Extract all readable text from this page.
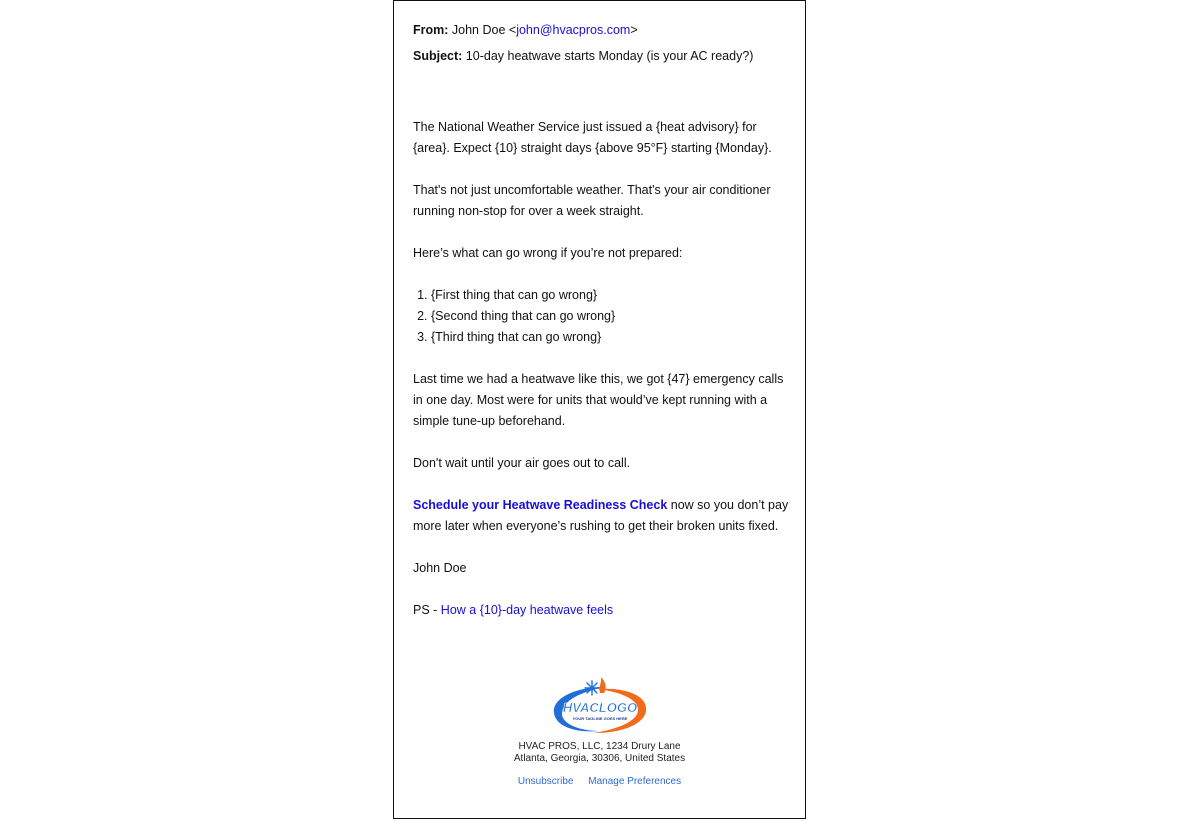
From: John Doe <john@hvacpros.com>
Subject: 10-day heatwave starts Monday (is your AC ready?)

The National Weather Service just issued a {heat advisory} for {area}. Expect {10} straight days {above 95°F} starting {Monday}.

That's not just uncomfortable weather. That's your air conditioner running non-stop for over a week straight.

Here’s what can go wrong if you’re not prepared:

1. {First thing that can go wrong}
2. {Second thing that can go wrong}
3. {Third thing that can go wrong}

Last time we had a heatwave like this, we got {47} emergency calls in one day. Most were for units that would’ve kept running with a simple tune-up beforehand.

Don't wait until your air goes out to call.

Schedule your Heatwave Readiness Check now so you don’t pay more later when everyone’s rushing to get their broken units fixed.

John Doe

PS - How a {10}-day heatwave feels

HVACLOGO
YOUR TAGLINE GOES HERE
HVAC PROS, LLC, 1234 Drury Lane
Atlanta, Georgia, 30306, United States
Unsubscribe Manage Preferences
